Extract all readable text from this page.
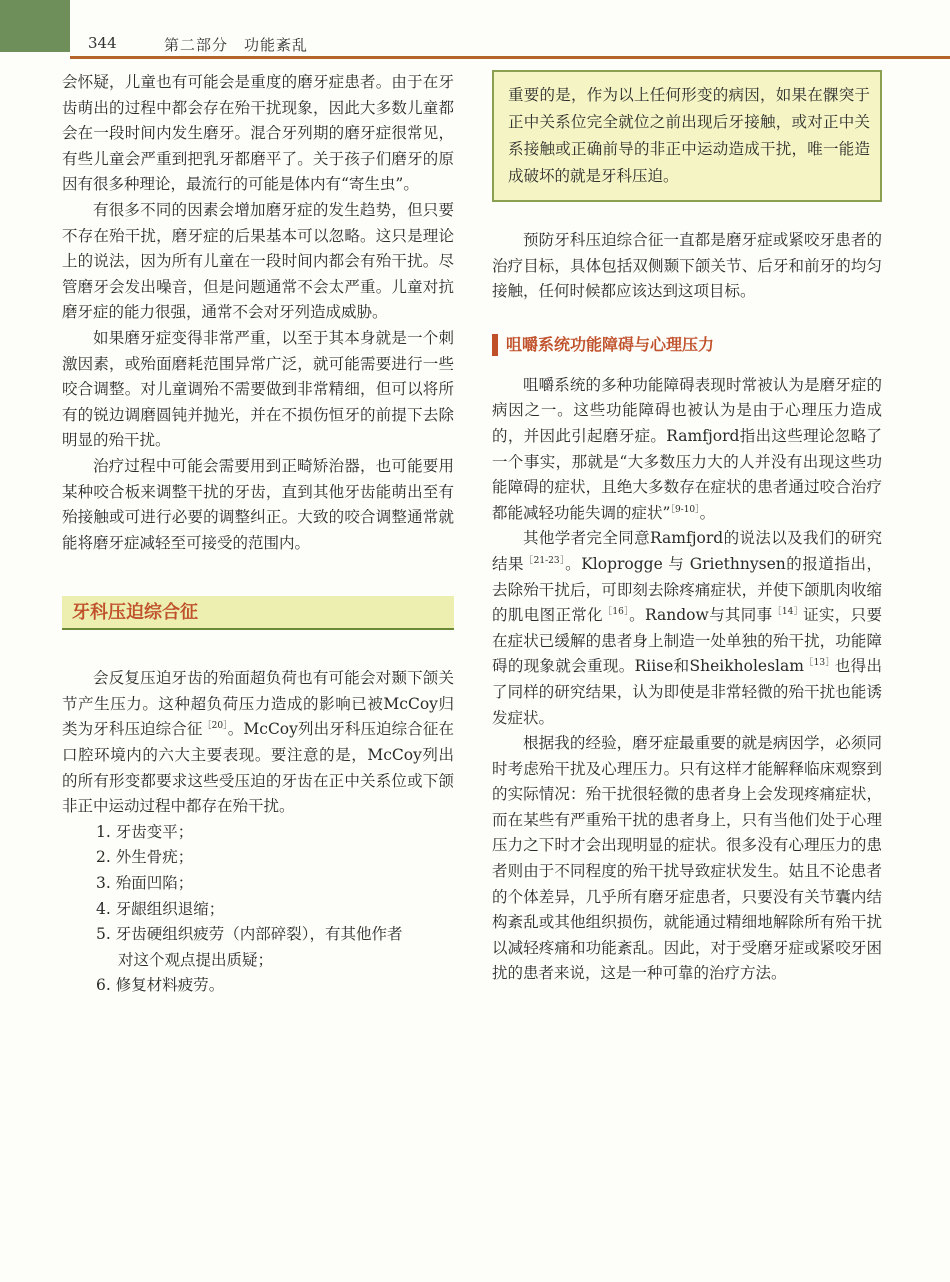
344	第二部分　功能紊乱

会怀疑，儿童也有可能会是重度的磨牙症患者。由于在牙齿萌出的过程中都会存在殆干扰现象，因此大多数儿童都会在一段时间内发生磨牙。混合牙列期的磨牙症很常见，有些儿童会严重到把乳牙都磨平了。关于孩子们磨牙的原因有很多种理论，最流行的可能是体内有“寄生虫”。

有很多不同的因素会增加磨牙症的发生趋势，但只要不存在殆干扰，磨牙症的后果基本可以忽略。这只是理论上的说法，因为所有儿童在一段时间内都会有殆干扰。尽管磨牙会发出噪音，但是问题通常不会太严重。儿童对抗磨牙症的能力很强，通常不会对牙列造成威胁。

如果磨牙症变得非常严重，以至于其本身就是一个刺激因素，或殆面磨耗范围异常广泛，就可能需要进行一些咬合调整。对儿童调殆不需要做到非常精细，但可以将所有的锐边调磨圆钝并抛光，并在不损伤恒牙的前提下去除明显的殆干扰。

治疗过程中可能会需要用到正畸矫治器，也可能要用某种咬合板来调整干扰的牙齿，直到其他牙齿能萌出至有殆接触或可进行必要的调整纠正。大致的咬合调整通常就能将磨牙症减轻至可接受的范围内。

牙科压迫综合征

会反复压迫牙齿的殆面超负荷也有可能会对颞下颌关节产生压力。这种超负荷压力造成的影响已被McCoy归类为牙科压迫综合征$^{[20]}$。McCoy列出牙科压迫综合征在口腔环境内的六大主要表现。要注意的是，McCoy列出的所有形变都要求这些受压迫的牙齿在正中关系位或下颌非正中运动过程中都存在殆干扰。

1. 牙齿变平；
2. 外生骨疣；
3. 殆面凹陷；
4. 牙龈组织退缩；
5. 牙齿硬组织疲劳（内部碎裂），有其他作者
对这个观点提出质疑；
6. 修复材料疲劳。

重要的是，作为以上任何形变的病因，如果在髁突于正中关系位完全就位之前出现后牙接触，或对正中关系接触或正确前导的非正中运动造成干扰，唯一能造成破坏的就是牙科压迫。

预防牙科压迫综合征一直都是磨牙症或紧咬牙患者的治疗目标，具体包括双侧颞下颌关节、后牙和前牙的均匀接触，任何时候都应该达到这项目标。

咀嚼系统功能障碍与心理压力

咀嚼系统的多种功能障碍表现时常被认为是磨牙症的病因之一。这些功能障碍也被认为是由于心理压力造成的，并因此引起磨牙症。Ramfjord指出这些理论忽略了一个事实，那就是“大多数压力大的人并没有出现这些功能障碍的症状，且绝大多数存在症状的患者通过咬合治疗都能减轻功能失调的症状”$^{[9-10]}$。

其他学者完全同意Ramfjord的说法以及我们的研究结果$^{[21-23]}$。Kloprogge 与 Griethnysen的报道指出，去除殆干扰后，可即刻去除疼痛症状，并使下颌肌肉收缩的肌电图正常化$^{[16]}$。Randow与其同事$^{[14]}$证实，只要在症状已缓解的患者身上制造一处单独的殆干扰，功能障碍的现象就会重现。Riise和Sheikholeslam$^{[13]}$也得出了同样的研究结果，认为即使是非常轻微的殆干扰也能诱发症状。

根据我的经验，磨牙症最重要的就是病因学，必须同时考虑殆干扰及心理压力。只有这样才能解释临床观察到的实际情况：殆干扰很轻微的患者身上会发现疼痛症状，而在某些有严重殆干扰的患者身上，只有当他们处于心理压力之下时才会出现明显的症状。很多没有心理压力的患者则由于不同程度的殆干扰导致症状发生。姑且不论患者的个体差异，几乎所有磨牙症患者，只要没有关节囊内结构紊乱或其他组织损伤，就能通过精细地解除所有殆干扰以减轻疼痛和功能紊乱。因此，对于受磨牙症或紧咬牙困扰的患者来说，这是一种可靠的治疗方法。
